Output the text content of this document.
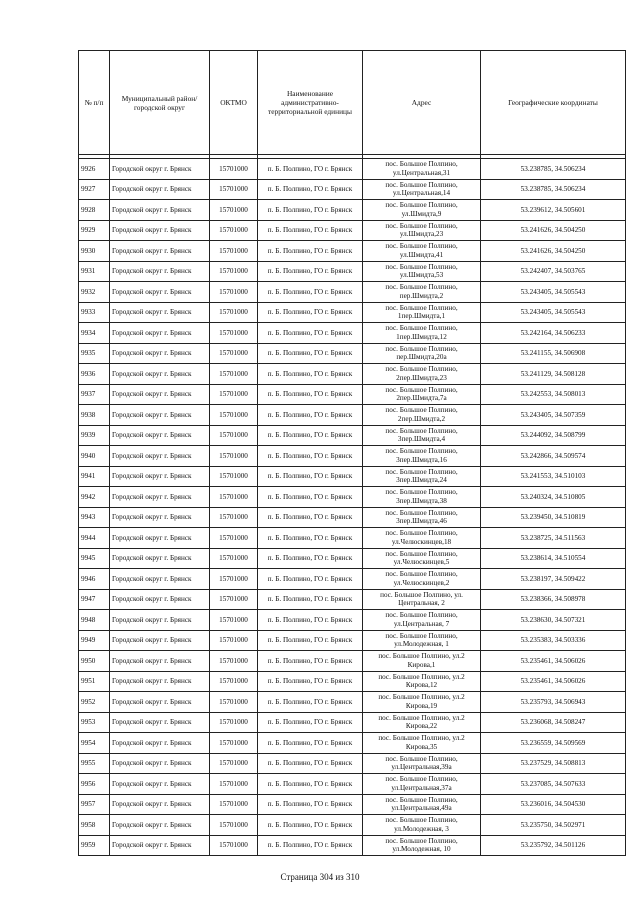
№ п/п	Муниципальный район/городской округ	ОКТМО	Наименование административно-территориальной единицы	Адрес	Географические координаты

9926	Городской округ г. Брянск	15701000	п. Б. Полпино, ГО г. Брянск	пос. Большое Полпино,
ул.Центральная,31	53.238785, 34.506234
9927	Городской округ г. Брянск	15701000	п. Б. Полпино, ГО г. Брянск	пос. Большое Полпино,
ул.Центральная,14	53.238785, 34.506234
9928	Городской округ г. Брянск	15701000	п. Б. Полпино, ГО г. Брянск	пос. Большое Полпино,
ул.Шмидта,9	53.239612, 34.505601
9929	Городской округ г. Брянск	15701000	п. Б. Полпино, ГО г. Брянск	пос. Большое Полпино,
ул.Шмидта,23	53.241626, 34.504250
9930	Городской округ г. Брянск	15701000	п. Б. Полпино, ГО г. Брянск	пос. Большое Полпино,
ул.Шмидта,41	53.241626, 34.504250
9931	Городской округ г. Брянск	15701000	п. Б. Полпино, ГО г. Брянск	пос. Большое Полпино,
ул.Шмидта,53	53.242407, 34.503765
9932	Городской округ г. Брянск	15701000	п. Б. Полпино, ГО г. Брянск	пос. Большое Полпино,
пер.Шмидта,2	53.243405, 34.505543
9933	Городской округ г. Брянск	15701000	п. Б. Полпино, ГО г. Брянск	пос. Большое Полпино,
1пер.Шмидта,1	53.243405, 34.505543
9934	Городской округ г. Брянск	15701000	п. Б. Полпино, ГО г. Брянск	пос. Большое Полпино,
1пер.Шмидта,12	53.242164, 34.506233
9935	Городской округ г. Брянск	15701000	п. Б. Полпино, ГО г. Брянск	пос. Большое Полпино,
пер.Шмидта,20а	53.241155, 34.506908
9936	Городской округ г. Брянск	15701000	п. Б. Полпино, ГО г. Брянск	пос. Большое Полпино,
2пер.Шмидта,23	53.241129, 34.508128
9937	Городской округ г. Брянск	15701000	п. Б. Полпино, ГО г. Брянск	пос. Большое Полпино,
2пер.Шмидта,7а	53.242553, 34.508013
9938	Городской округ г. Брянск	15701000	п. Б. Полпино, ГО г. Брянск	пос. Большое Полпино,
2пер.Шмидта,2	53.243405, 34.507359
9939	Городской округ г. Брянск	15701000	п. Б. Полпино, ГО г. Брянск	пос. Большое Полпино,
3пер.Шмидта,4	53.244092, 34.508799
9940	Городской округ г. Брянск	15701000	п. Б. Полпино, ГО г. Брянск	пос. Большое Полпино,
3пер.Шмидта,16	53.242866, 34.509574
9941	Городской округ г. Брянск	15701000	п. Б. Полпино, ГО г. Брянск	пос. Большое Полпино,
3пер.Шмидта,24	53.241553, 34.510103
9942	Городской округ г. Брянск	15701000	п. Б. Полпино, ГО г. Брянск	пос. Большое Полпино,
3пер.Шмидта,38	53.240324, 34.510805
9943	Городской округ г. Брянск	15701000	п. Б. Полпино, ГО г. Брянск	пос. Большое Полпино,
3пер.Шмидта,46	53.239450, 34.510819
9944	Городской округ г. Брянск	15701000	п. Б. Полпино, ГО г. Брянск	пос. Большое Полпино,
ул.Челюскинцев,18	53.238725, 34.511563
9945	Городской округ г. Брянск	15701000	п. Б. Полпино, ГО г. Брянск	пос. Большое Полпино,
ул.Челюскинцев,5	53.238614, 34.510554
9946	Городской округ г. Брянск	15701000	п. Б. Полпино, ГО г. Брянск	пос. Большое Полпино,
ул.Челюскинцев,2	53.238197, 34.509422
9947	Городской округ г. Брянск	15701000	п. Б. Полпино, ГО г. Брянск	пос. Большое Полпино, ул.
Центральная, 2	53.238366, 34.508978
9948	Городской округ г. Брянск	15701000	п. Б. Полпино, ГО г. Брянск	пос. Большое Полпино,
ул.Центральная, 7	53.238630, 34.507321
9949	Городской округ г. Брянск	15701000	п. Б. Полпино, ГО г. Брянск	пос. Большое Полпино,
ул.Молодежная, 1	53.235383, 34.503336
9950	Городской округ г. Брянск	15701000	п. Б. Полпино, ГО г. Брянск	пос. Большое Полпино, ул.2
Кирова,1	53.235461, 34.506026
9951	Городской округ г. Брянск	15701000	п. Б. Полпино, ГО г. Брянск	пос. Большое Полпино, ул.2
Кирова,12	53.235461, 34.506026
9952	Городской округ г. Брянск	15701000	п. Б. Полпино, ГО г. Брянск	пос. Большое Полпино, ул.2
Кирова,19	53.235793, 34.506943
9953	Городской округ г. Брянск	15701000	п. Б. Полпино, ГО г. Брянск	пос. Большое Полпино, ул.2
Кирова,22	53.236068, 34.508247
9954	Городской округ г. Брянск	15701000	п. Б. Полпино, ГО г. Брянск	пос. Большое Полпино, ул.2
Кирова,35	53.236559, 34.509569
9955	Городской округ г. Брянск	15701000	п. Б. Полпино, ГО г. Брянск	пос. Большое Полпино,
ул.Центральная,39а	53.237529, 34.508813
9956	Городской округ г. Брянск	15701000	п. Б. Полпино, ГО г. Брянск	пос. Большое Полпино,
ул.Центральная,37а	53.237085, 34.507633
9957	Городской округ г. Брянск	15701000	п. Б. Полпино, ГО г. Брянск	пос. Большое Полпино,
ул.Центральная,49а	53.236016, 34.504530
9958	Городской округ г. Брянск	15701000	п. Б. Полпино, ГО г. Брянск	пос. Большое Полпино,
ул.Молодежная, 3	53.235750, 34.502971
9959	Городской округ г. Брянск	15701000	п. Б. Полпино, ГО г. Брянск	пос. Большое Полпино,
ул.Молодежная, 10	53.235792, 34.501126
Страница 304 из 310
